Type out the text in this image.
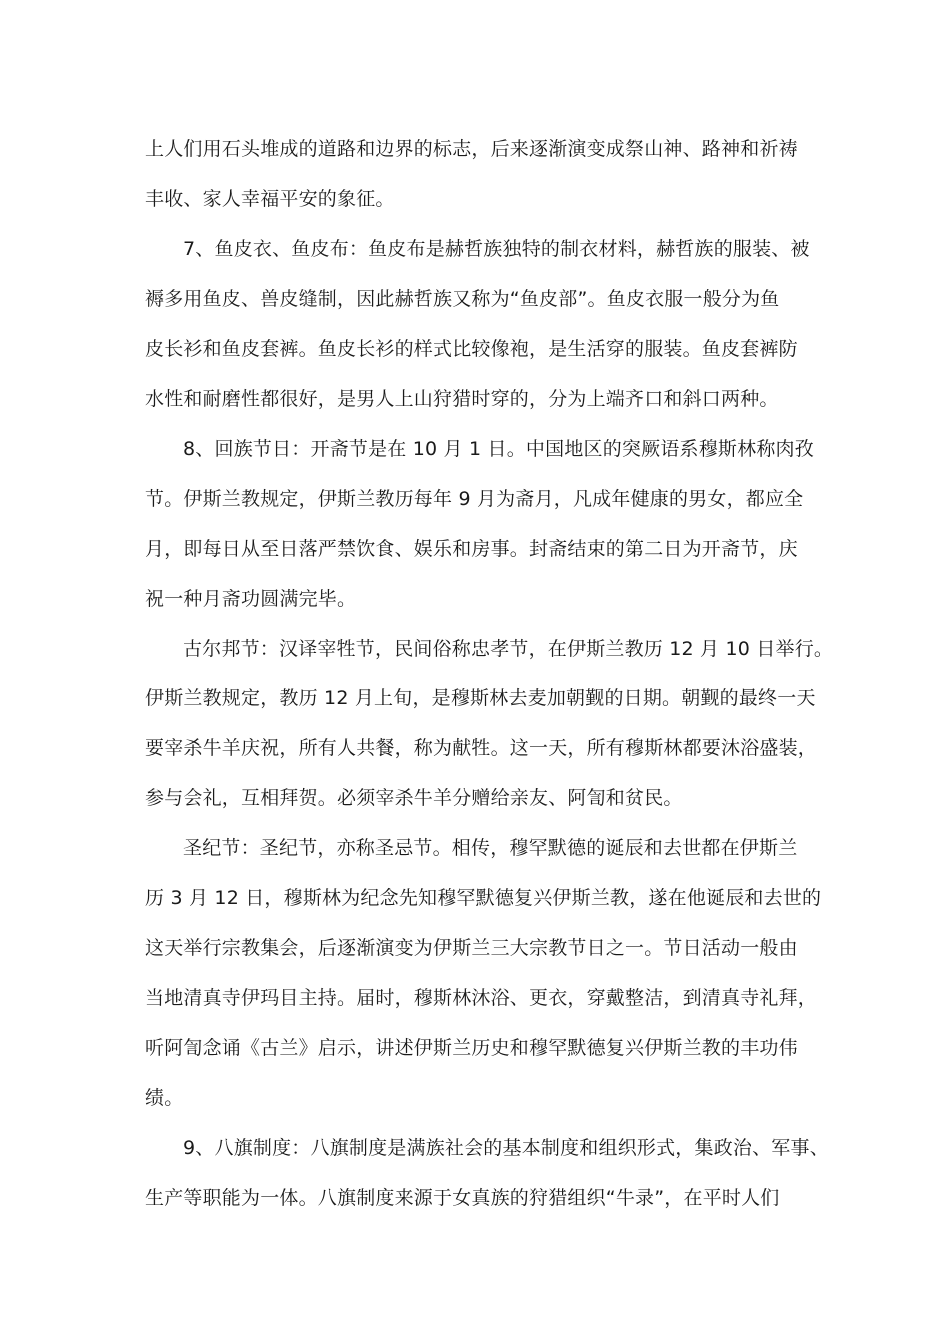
上人们用石头堆成的道路和边界的标志，后来逐渐演变成祭山神、路神和祈祷
丰收、家人幸福平安的象征。
7、鱼皮衣、鱼皮布：鱼皮布是赫哲族独特的制衣材料，赫哲族的服装、被
褥多用鱼皮、兽皮缝制，因此赫哲族又称为“鱼皮部”。鱼皮衣服一般分为鱼
皮长衫和鱼皮套裤。鱼皮长衫的样式比较像袍，是生活穿的服装。鱼皮套裤防
水性和耐磨性都很好，是男人上山狩猎时穿的，分为上端齐口和斜口两种。
8、回族节日：开斋节是在 10 月 1 日。中国地区的突厥语系穆斯林称肉孜
节。伊斯兰教规定，伊斯兰教历每年 9 月为斋月，凡成年健康的男女，都应全
月，即每日从至日落严禁饮食、娱乐和房事。封斋结束的第二日为开斋节，庆
祝一种月斋功圆满完毕。
古尔邦节：汉译宰牲节，民间俗称忠孝节，在伊斯兰教历 12 月 10 日举行。
伊斯兰教规定，教历 12 月上旬，是穆斯林去麦加朝觐的日期。朝觐的最终一天
要宰杀牛羊庆祝，所有人共餐，称为献牲。这一天，所有穆斯林都要沐浴盛装，
参与会礼，互相拜贺。必须宰杀牛羊分赠给亲友、阿訇和贫民。
圣纪节：圣纪节，亦称圣忌节。相传，穆罕默德的诞辰和去世都在伊斯兰
历 3 月 12 日，穆斯林为纪念先知穆罕默德复兴伊斯兰教，遂在他诞辰和去世的
这天举行宗教集会，后逐渐演变为伊斯兰三大宗教节日之一。节日活动一般由
当地清真寺伊玛目主持。届时，穆斯林沐浴、更衣，穿戴整洁，到清真寺礼拜，
听阿訇念诵《古兰》启示，讲述伊斯兰历史和穆罕默德复兴伊斯兰教的丰功伟
绩。
9、八旗制度：八旗制度是满族社会的基本制度和组织形式，集政治、军事、
生产等职能为一体。八旗制度来源于女真族的狩猎组织“牛录”，在平时人们
